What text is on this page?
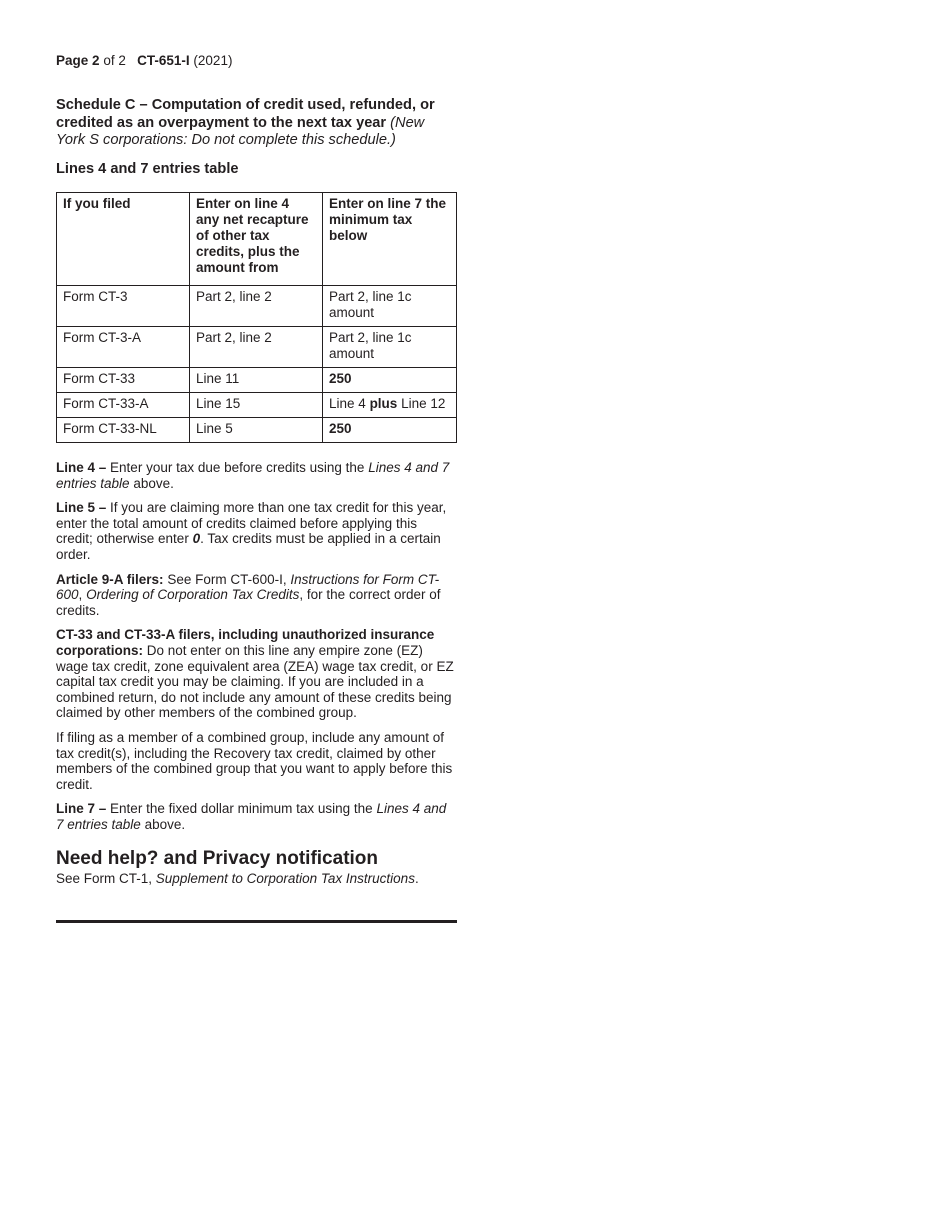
Page 2 of 2 CT-651-I (2021)

Schedule C – Computation of credit used, refunded, or credited as an overpayment to the next tax year (New York S corporations: Do not complete this schedule.)
Lines 4 and 7 entries table
If you filed	Enter on line 4 any net recapture of other tax credits, plus the amount from	Enter on line 7 the minimum tax below
Form CT-3	Part 2, line 2	Part 2, line 1c amount
Form CT-3-A	Part 2, line 2	Part 2, line 1c amount
Form CT-33	Line 11	250
Form CT-33-A	Line 15	Line 4 plus Line 12
Form CT-33-NL	Line 5	250

Line 4 – Enter your tax due before credits using the Lines 4 and 7 entries table above.

Line 5 – If you are claiming more than one tax credit for this year, enter the total amount of credits claimed before applying this credit; otherwise enter 0. Tax credits must be applied in a certain order.

Article 9-A filers: See Form CT-600-I, Instructions for Form CT-600, Ordering of Corporation Tax Credits, for the correct order of credits.

CT-33 and CT-33-A filers, including unauthorized insurance corporations: Do not enter on this line any empire zone (EZ) wage tax credit, zone equivalent area (ZEA) wage tax credit, or EZ capital tax credit you may be claiming. If you are included in a combined return, do not include any amount of these credits being claimed by other members of the combined group.

If filing as a member of a combined group, include any amount of tax credit(s), including the Recovery tax credit, claimed by other members of the combined group that you want to apply before this credit.

Line 7 – Enter the fixed dollar minimum tax using the Lines 4 and 7 entries table above.

Need help? and Privacy notification

See Form CT-1, Supplement to Corporation Tax Instructions.
